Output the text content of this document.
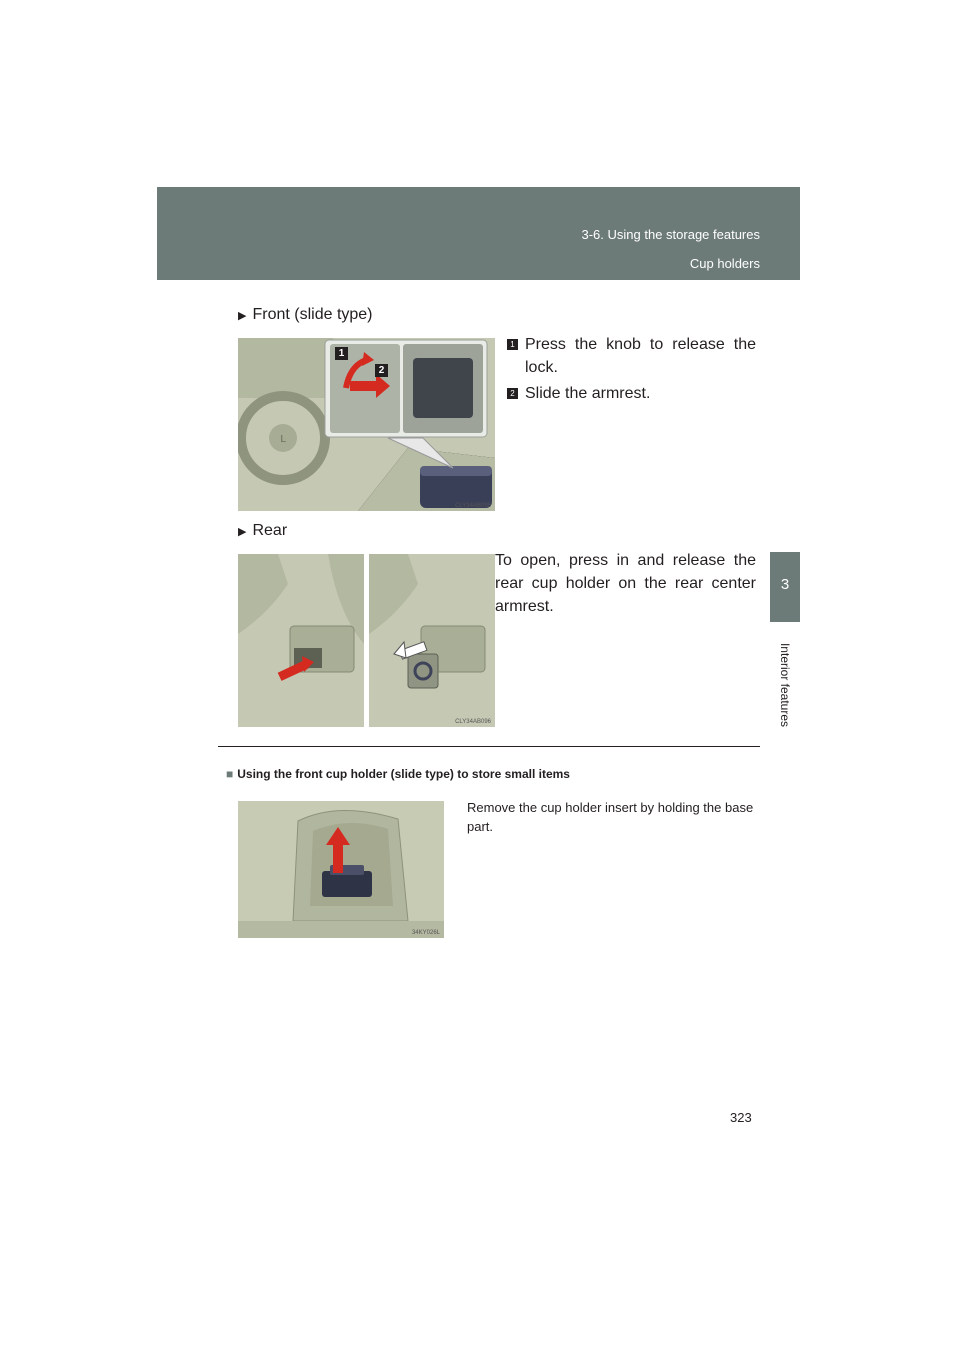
3-6. Using the storage features
Cup holders
3
Interior features
▶ Front (slide type)
L
1
2
CLY34AB095
1 Press the knob to release the lock.
2 Slide the armrest.
▶ Rear
CLY34AB096
To open, press in and release the rear cup holder on the rear center armrest.
■ Using the front cup holder (slide type) to store small items
34KY026L
Remove the cup holder insert by holding the base part.
323
